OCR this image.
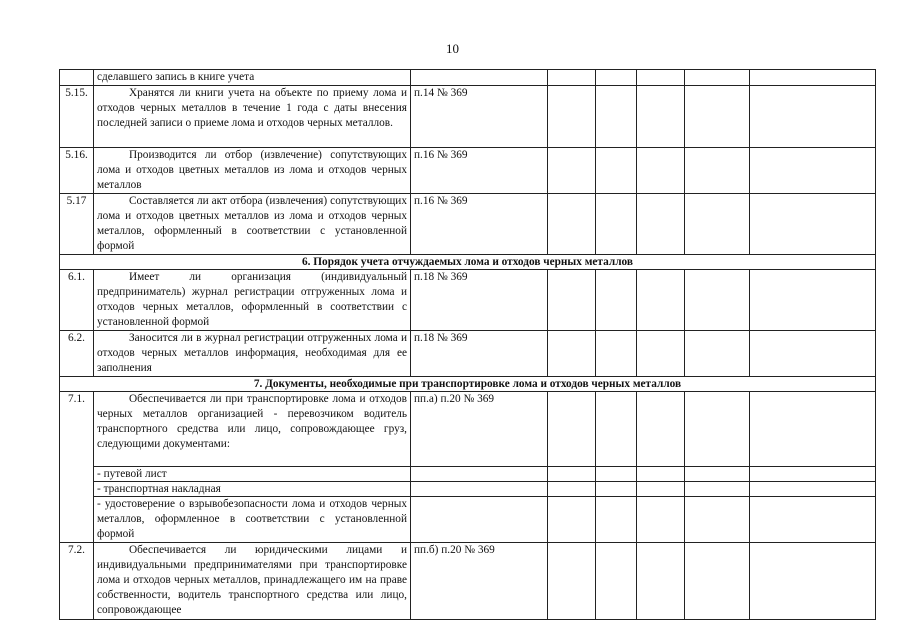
10
	сделавшего запись в книге учета						
5.15.	Хранятся ли книги учета на объекте по приему лома и отходов черных металлов в течение 1 года с даты внесения последней записи о приеме лома и отходов черных металлов.	п.14 № 369					
5.16.	Производится ли отбор (извлечение) сопутствующих лома и отходов цветных металлов из лома и отходов черных металлов	п.16 № 369					
5.17	Составляется ли акт отбора (извлечения) сопутствующих лома и отходов цветных металлов из лома и отходов черных металлов, оформленный в соответствии с установленной формой	п.16 № 369					
6. Порядок учета отчуждаемых лома и отходов черных металлов							
6.1.	Имеет ли организация (индивидуальный предприниматель) журнал регистрации отгруженных лома и отходов черных металлов, оформленный в соответствии с установленной формой	п.18 № 369					
6.2.	Заносится ли в журнал регистрации отгруженных лома и отходов черных металлов информация, необходимая для ее заполнения	п.18 № 369					
7. Документы, необходимые при транспортировке лома и отходов черных металлов							
7.1.	Обеспечивается ли при транспортировке лома и отходов черных металлов организацией - перевозчиком водитель транспортного средства или лицо, сопровождающее груз, следующими документами:	пп.а) п.20 № 369					
	- путевой лист						
	- транспортная накладная						
	- удостоверение о взрывобезопасности лома и отходов черных металлов, оформленное в соответствии с установленной формой						
7.2.	Обеспечивается ли юридическими лицами и индивидуальными предпринимателями при транспортировке лома и отходов черных металлов, принадлежащего им на праве собственности, водитель транспортного средства или лицо, сопровождающее	пп.б) п.20 № 369					
